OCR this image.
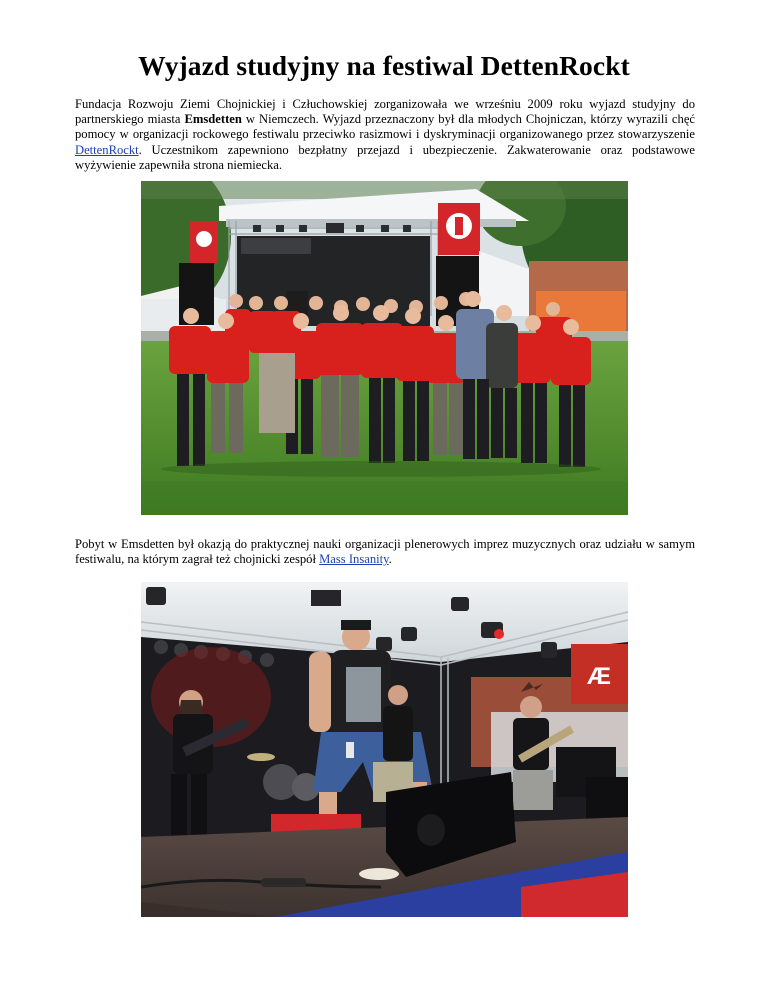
Wyjazd studyjny na festiwal DettenRockt

Fundacja Rozwoju Ziemi Chojnickiej i Człuchowskiej zorganizowała we wrześniu 2009 roku wyjazd studyjny do partnerskiego miasta Emsdetten w Niemczech. Wyjazd przeznaczony był dla młodych Chojniczan, którzy wyrazili chęć pomocy w organizacji rockowego festiwalu przeciwko rasizmowi i dyskryminacji organizowanego przez stowarzyszenie DettenRockt. Uczestnikom zapewniono bezpłatny przejazd i ubezpieczenie. Zakwaterowanie oraz podstawowe wyżywienie zapewniła strona niemiecka.

Pobyt w Emsdetten był okazją do praktycznej nauki organizacji plenerowych imprez muzycznych oraz udziału w samym festiwalu, na którym zagrał też chojnicki zespół Mass Insanity.

Æ
